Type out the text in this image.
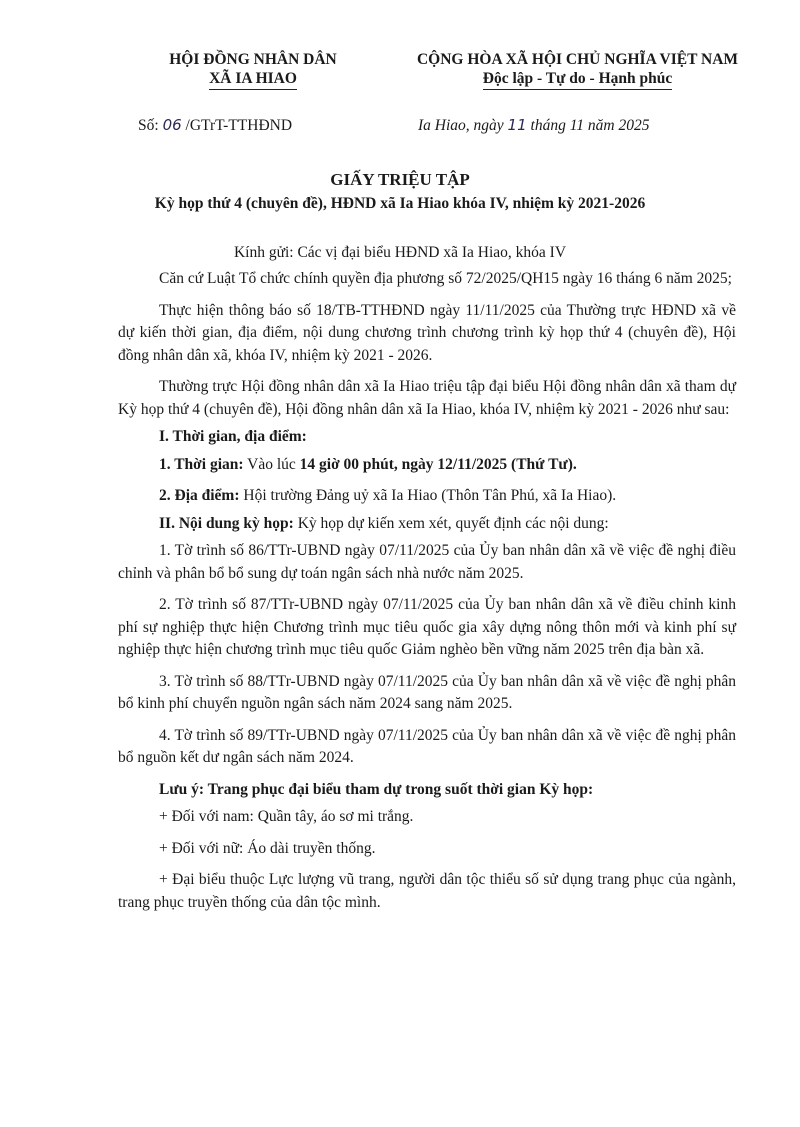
HỘI ĐỒNG NHÂN DÂN
XÃ IA HIAO
CỘNG HÒA XÃ HỘI CHỦ NGHĨA VIỆT NAM
Độc lập - Tự do - Hạnh phúc
Số: 06 /GTrT-TTHĐND	Ia Hiao, ngày 11 tháng 11 năm 2025
GIẤY TRIỆU TẬP
Kỳ họp thứ 4 (chuyên đề), HĐND xã Ia Hiao khóa IV, nhiệm kỳ 2021-2026
Kính gửi: Các vị đại biểu HĐND xã Ia Hiao, khóa IV

Căn cứ Luật Tổ chức chính quyền địa phương số 72/2025/QH15 ngày 16 tháng 6 năm 2025;

Thực hiện thông báo số 18/TB-TTHĐND ngày 11/11/2025 của Thường trực HĐND xã về dự kiến thời gian, địa điểm, nội dung chương trình chương trình kỳ họp thứ 4 (chuyên đề), Hội đồng nhân dân xã, khóa IV, nhiệm kỳ 2021 - 2026.

Thường trực Hội đồng nhân dân xã Ia Hiao triệu tập đại biểu Hội đồng nhân dân xã tham dự Kỳ họp thứ 4 (chuyên đề), Hội đồng nhân dân xã Ia Hiao, khóa IV, nhiệm kỳ 2021 - 2026 như sau:

I. Thời gian, địa điểm:

1. Thời gian: Vào lúc 14 giờ 00 phút, ngày 12/11/2025 (Thứ Tư).

2. Địa điểm: Hội trường Đảng uỷ xã Ia Hiao (Thôn Tân Phú, xã Ia Hiao).

II. Nội dung kỳ họp: Kỳ họp dự kiến xem xét, quyết định các nội dung:

1. Tờ trình số 86/TTr-UBND ngày 07/11/2025 của Ủy ban nhân dân xã về việc đề nghị điều chỉnh và phân bổ bổ sung dự toán ngân sách nhà nước năm 2025.

2. Tờ trình số 87/TTr-UBND ngày 07/11/2025 của Ủy ban nhân dân xã về điều chỉnh kinh phí sự nghiệp thực hiện Chương trình mục tiêu quốc gia xây dựng nông thôn mới và kinh phí sự nghiệp thực hiện chương trình mục tiêu quốc Giảm nghèo bền vững năm 2025 trên địa bàn xã.

3. Tờ trình số 88/TTr-UBND ngày 07/11/2025 của Ủy ban nhân dân xã về việc đề nghị phân bổ kinh phí chuyển nguồn ngân sách năm 2024 sang năm 2025.

4. Tờ trình số 89/TTr-UBND ngày 07/11/2025 của Ủy ban nhân dân xã về việc đề nghị phân bổ nguồn kết dư ngân sách năm 2024.

Lưu ý: Trang phục đại biểu tham dự trong suốt thời gian Kỳ họp:

+ Đối với nam: Quần tây, áo sơ mi trắng.

+ Đối với nữ: Áo dài truyền thống.

+ Đại biểu thuộc Lực lượng vũ trang, người dân tộc thiểu số sử dụng trang phục của ngành, trang phục truyền thống của dân tộc mình.
